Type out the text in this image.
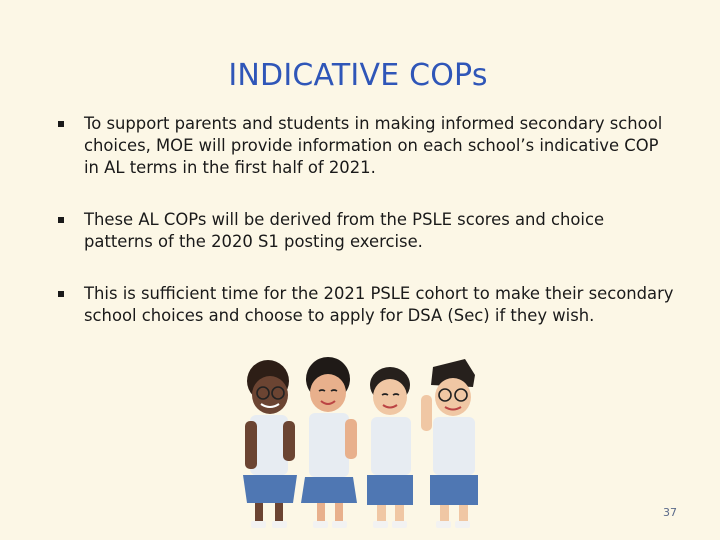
INDICATIVE COPs
To support parents and students in making informed secondary school choices, MOE will provide information on each school’s indicative COP in AL terms in the first half of 2021.
These AL COPs will be derived from the PSLE scores and choice patterns of the 2020 S1 posting exercise.
This is sufficient time for the 2021 PSLE cohort to make their secondary school choices and choose to apply for DSA (Sec) if they wish.
37
